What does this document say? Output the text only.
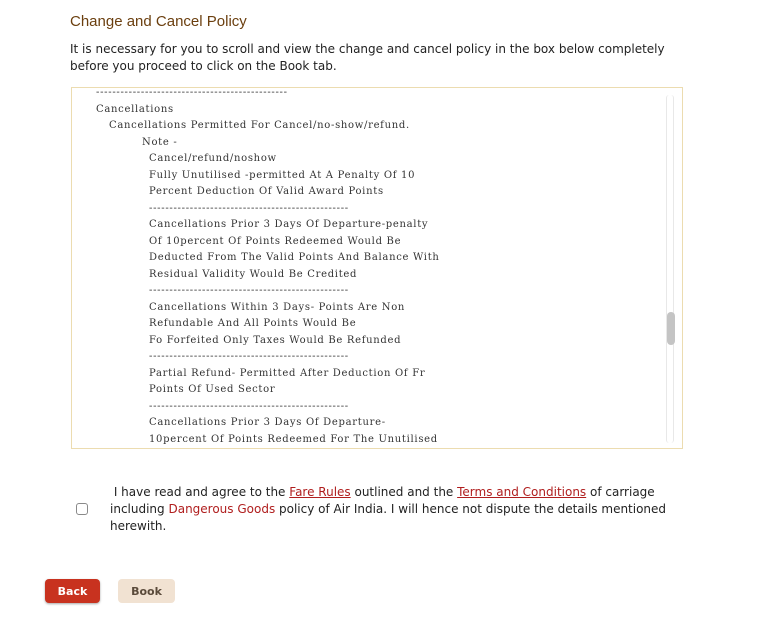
Change and Cancel Policy
It is necessary for you to scroll and view the change and cancel policy in the box below completely before you proceed to click on the Book tab.
-----------------------------------------------
Cancellations
Cancellations Permitted For Cancel/no-show/refund.
Note -
Cancel/refund/noshow
Fully Unutilised -permitted At A Penalty Of 10
Percent Deduction Of Valid Award Points
-------------------------------------------------
Cancellations Prior 3 Days Of Departure-penalty
Of 10percent Of Points Redeemed Would Be
Deducted From The Valid Points And Balance With
Residual Validity Would Be Credited
-------------------------------------------------
Cancellations Within 3 Days- Points Are Non
Refundable And All Points Would Be
Fo Forfeited Only Taxes Would Be Refunded
-------------------------------------------------
Partial Refund- Permitted After Deduction Of Fr
Points Of Used Sector
-------------------------------------------------
Cancellations Prior 3 Days Of Departure-
10percent Of Points Redeemed For The Unutilised
I have read and agree to the Fare Rules outlined and the Terms and Conditions of carriage including Dangerous Goods policy of Air India. I will hence not dispute the details mentioned herewith.
Back	Book
